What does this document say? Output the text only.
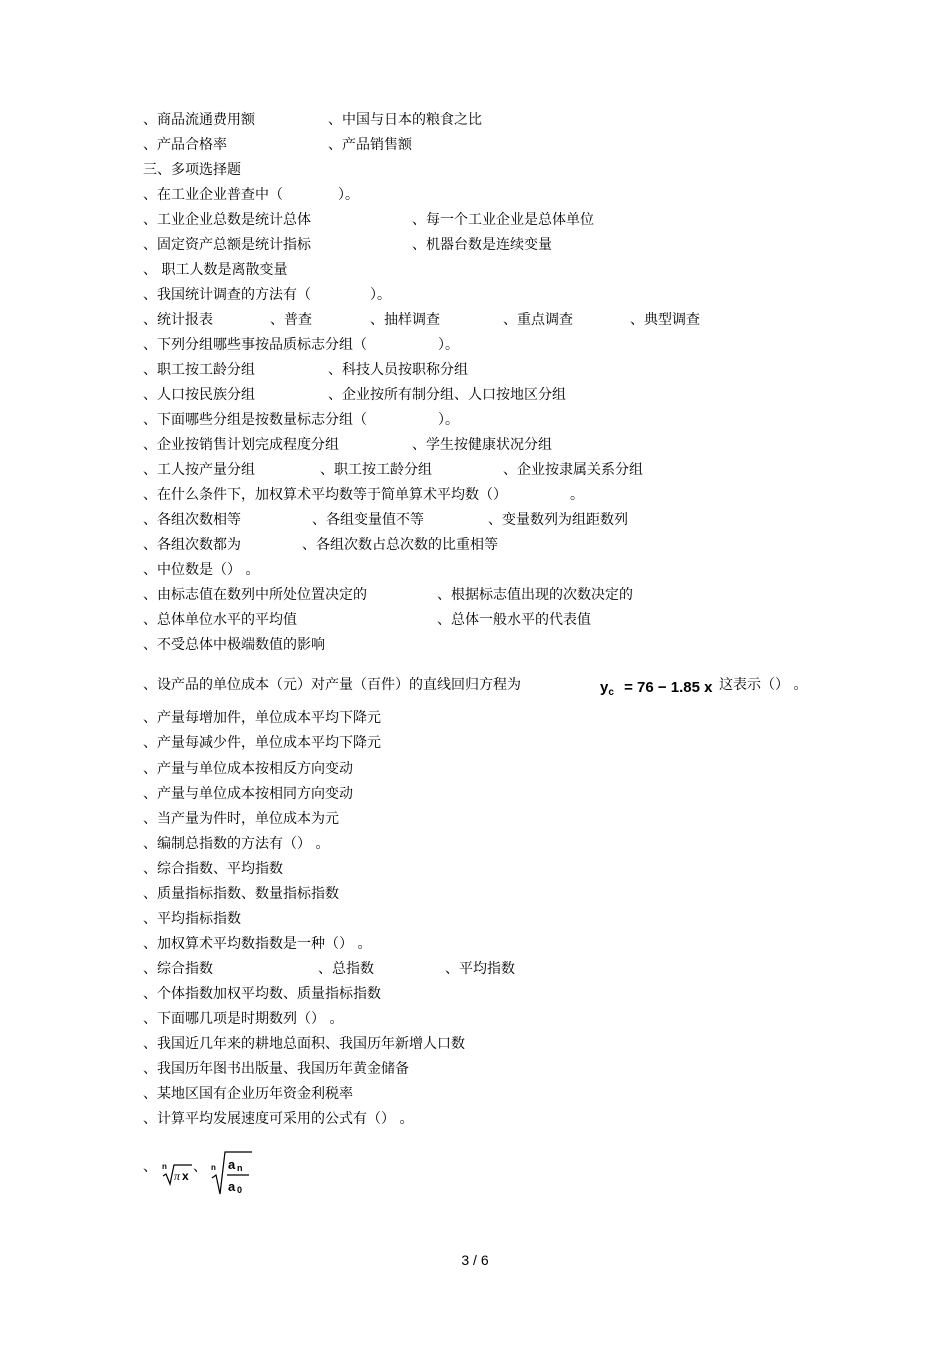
、商品流通费用额	、中国与日本的粮食之比
、产品合格率	、产品销售额
三、多项选择题
、在工业企业普查中（	）。
、工业企业总数是统计总体	、每一个工业企业是总体单位
、固定资产总额是统计指标	、机器台数是连续变量
、 职工人数是离散变量
、我国统计调查的方法有（	）。
、统计报表	、普查	、抽样调查	、重点调查	、典型调查
、下列分组哪些事按品质标志分组（	）。
、职工按工龄分组	、科技人员按职称分组
、人口按民族分组	、企业按所有制分组、人口按地区分组
、下面哪些分组是按数量标志分组（	）。
、企业按销售计划完成程度分组	、学生按健康状况分组
、工人按产量分组	、职工按工龄分组	、企业按隶属关系分组
、在什么条件下，加权算术平均数等于简单算术平均数（）	。
、各组次数相等	、各组变量值不等	、变量数列为组距数列
、各组次数都为	、各组次数占总次数的比重相等
、中位数是（） 。
、由标志值在数列中所处位置决定的	、根据标志值出现的次数决定的
、总体单位水平的平均值	、总体一般水平的代表值
、不受总体中极端数值的影响
、设产品的单位成本（元）对产量（百件）的直线回归方程为	，这表示（） 。
、产量每增加件，单位成本平均下降元
、产量每减少件，单位成本平均下降元
、产量与单位成本按相反方向变动
、产量与单位成本按相同方向变动
、当产量为件时，单位成本为元
、编制总指数的方法有（） 。
、综合指数、平均指数
、质量指标指数、数量指标指数
、平均指标指数
、加权算术平均数指数是一种（） 。
、综合指数	、总指数	、平均指数
、个体指数加权平均数、质量指标指数
、下面哪几项是时期数列（） 。
、我国近几年来的耕地总面积、我国历年新增人口数
、我国历年图书出版量、我国历年黄金储备
、某地区国有企业历年资金利税率
、计算平均发展速度可采用的公式有（） 。
、	、
$y_c = 76 - 1.85$ x
n
π x
n a n
a 0
3 / 6
